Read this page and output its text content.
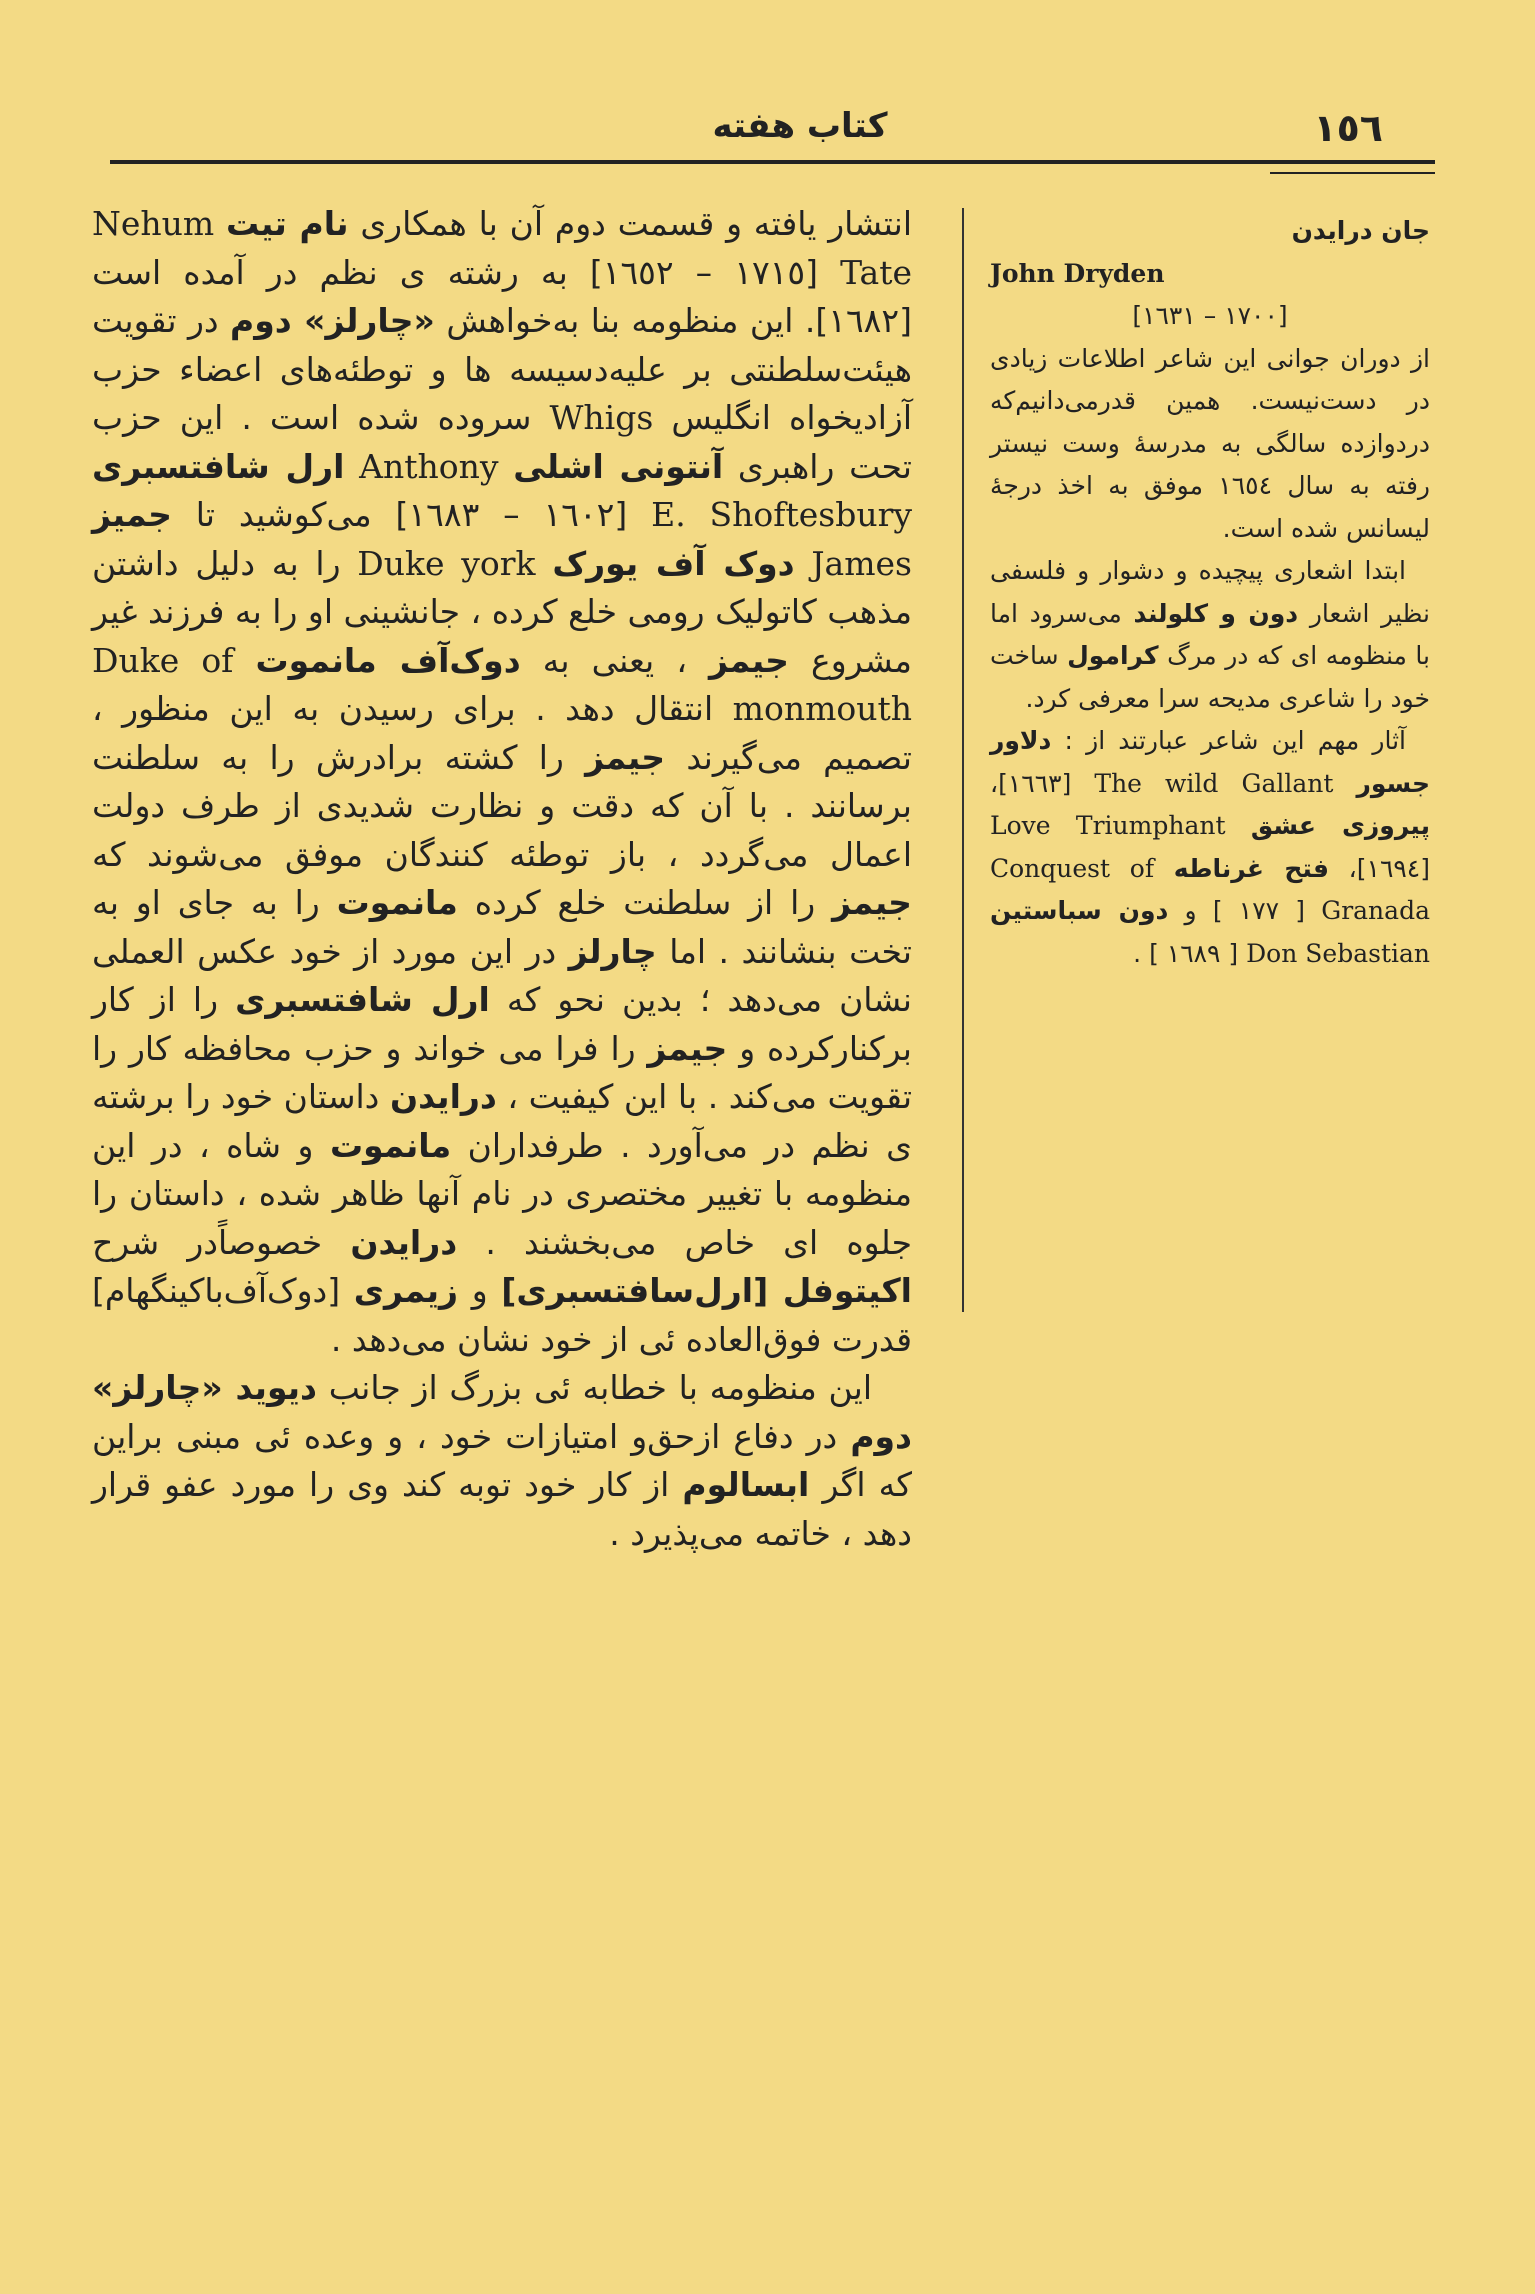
١٥٦
کتاب هفته

جان درایدن

John Dryden

[١٧٠٠ – ١٦٣١]

از دوران جوانی این شاعر اطلاعات زیادی در دست‌نیست. همین قدرمی‌دانیم‌که دردوازده سالگی به مدرسهٔ وست نیستر رفته به سال ١٦٥٤ موفق به اخذ درجهٔ لیسانس شده است.

ابتدا اشعاری پیچیده و دشوار و فلسفی نظیر اشعار دون و کلولند می‌سرود اما با منظومه ای که در مرگ کرامول ساخت خود را شاعری مدیحه سرا معرفی کرد.

آثار مهم این شاعر عبارتند از : دلاور جسور The wild Gallant [١٦٦٣]، پیروزی عشق Love Triumphant [١٦٩٤]، فتح غرناطه Conquest of Granada [ ١٧٧ ] و دون سباستین Don Sebastian [ ١٦٨٩ ] .

انتشار یافته و قسمت دوم آن با همکاری نام تیت Nehum Tate [١٧١٥ – ١٦٥٢] به رشته ی نظم در آمده است [١٦٨٢]. این منظومه بنا به‌خواهش «چارلز» دوم در تقویت هیئت‌سلطنتی بر علیه‌دسیسه ها و توطئه‌های اعضاء حزب آزادیخواه انگلیس Whigs سروده شده است . این حزب تحت راهبری آنتونی اشلی Anthony ارل شافتسبری E. Shoftesbury [١٦٠٢ – ١٦٨٣] می‌کوشید تا جمیز James دوک آف یورک Duke york را به دلیل داشتن مذهب کاتولیک رومی خلع کرده ، جانشینی او را به فرزند غیر مشروع جیمز ، یعنی به دوک‌آف مانموت Duke of monmouth انتقال دهد . برای رسیدن به این منظور ، تصمیم می‌گیرند جیمز را کشته برادرش را به سلطنت برسانند . با آن که دقت و نظارت شدیدی از طرف دولت اعمال می‌گردد ، باز توطئه کنندگان موفق می‌شوند که جیمز را از سلطنت خلع کرده مانموت را به جای او به تخت بنشانند . اما چارلز در این مورد از خود عکس العملی نشان می‌دهد ؛ بدین نحو که ارل شافتسبری را از کار برکنارکرده و جیمز را فرا می خواند و حزب محافظه کار را تقویت می‌کند . با این کیفیت ، درایدن داستان خود را برشته ی نظم در می‌آورد . طرفداران مانموت و شاه ، در این منظومه با تغییر مختصری در نام آنها ظاهر شده ، داستان را جلوه ای خاص می‌بخشند . درایدن خصوصاًدر شرح اکیتوفل [ارل‌سافتسبری] و زیمری [دوک‌آف‌باکینگهام] قدرت فوق‌العاده ئی از خود نشان می‌دهد .

این منظومه با خطابه ئی بزرگ از جانب دیوید «چارلز» دوم در دفاع ازحق‌و امتیازات خود ، و وعده ئی مبنی براین که اگر ابسالوم از کار خود توبه کند وی را مورد عفو قرار دهد ، خاتمه می‌پذیرد .
